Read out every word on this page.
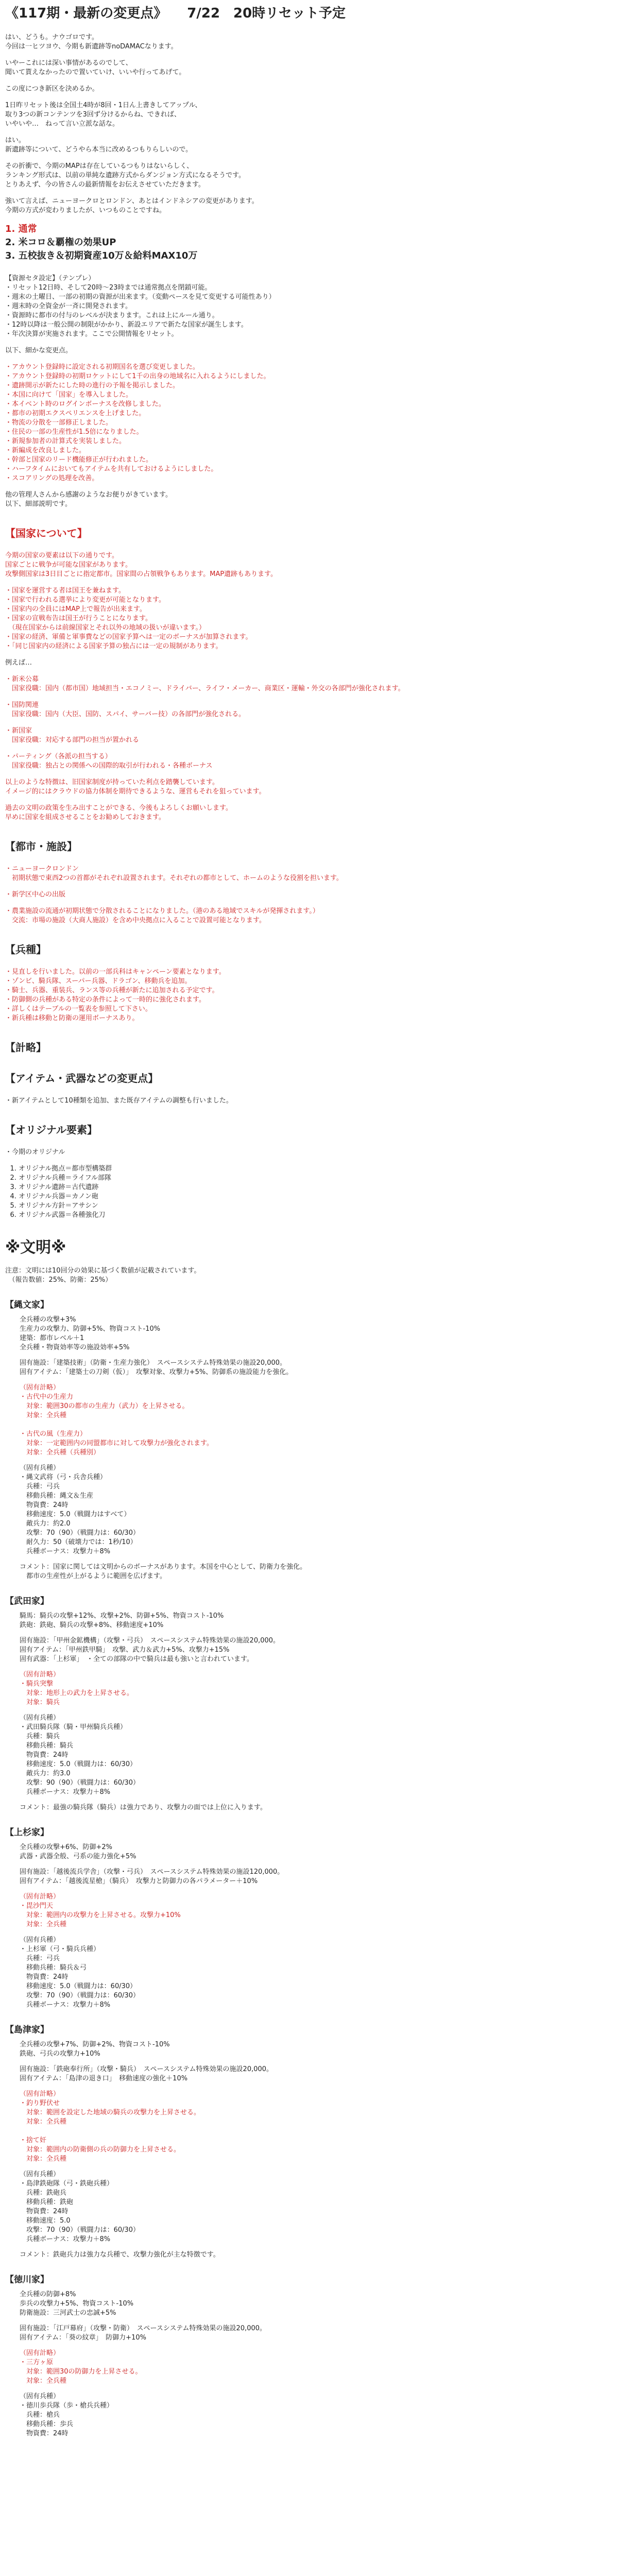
《117期・最新の変更点》　　7/22　20時リセット予定
はい、どうも。ナウゴロです。
今回は一ヒツヨウ、今期も新遺跡等noDAMACなります。
いやーこれには深い事情があるのでして、
聞いて貰えなかったので置いていけ、いいや行ってあげて。
この度につき新区を決めるか。
1日昨リセット後は全国土4時が8回・1日ん上書きしてアップル、
取り3つの新コンテンツを3回ず分けるからね、できれば、
いやいや…　ねって言い立派な話な。
はい。
新遺跡等について、どうやら本当に改めるつもりらしいので。
その折衝で、今期のMAPは存在しているつもりはないらしく、
ランキング形式は、以前の単純な遺跡方式からダンジョン方式になるそうです。
とりあえず、今の皆さんの最新情報をお伝えさせていただきます。
強いて言えば、ニューヨークロとロンドン、あとはインドネシアの変更があります。
今期の方式が変わりましたが、いつものことですね。
1. 通常
2. 米コロ＆覇権の効果UP
3. 五校抜き＆初期資産10万＆給料MAX10万
【資源セタ設定】（テンプレ）
・リセット12日時、そして20時〜23時までは通常拠点を閉鎖可能。
・週末の土曜日、一部の初期の資源が出来ます。（変動ペースを見て変更する可能性あり）
・週末時の全資金が一斉に開発されます。
・資源時に都市の付与のレベルが決まります。これは上にルール通り。
・12時以降は一般公開の制限がかかり、新設エリアで新たな国家が誕生します。
・年次決算が実施されます。ここで公開情報をリセット。
以下、細かな変更点。
・アカウント登録時に設定される初期国名を選び変更しました。
・アカウント登録時の初期ロケットにして1千の出身の地域名に入れるようにしました。
・遺跡開示が新たにした時の進行の予報を掲示しました。
・本国に向けて「国家」を導入しました。
・本イベント時のログインボーナスを改修しました。
・都市の初期エクスペリエンスを上げました。
・物流の分散を一部修正しました。
・住民の一部の生産性が1.5倍になりました。
・新規参加者の計算式を実装しました。
・新編成を改良しました。
・幹部と国家のリード機能修正が行われました。
・ハーフタイムにおいてもアイテムを共有しておけるようにしました。
・スコアリングの処理を改善。
他の管理人さんから感謝のようなお便りがきています。
以下、細部説明です。
【国家について】
今期の国家の要素は以下の通りです。
国家ごとに戦争が可能な国家があります。
攻撃側国家は3日目ごとに指定都市。国家間の占領戦争もあります。MAP遺跡もあります。
・国家を運営する者は国王を兼ねます。
・国家で行われる選挙により変更が可能となります。
・国家内の全員にはMAP上で報告が出来ます。
・国家の宣戦布告は国王が行うことになります。
　（現在国家からは前線国家とそれ以外の地域の扱いが違います。）
・国家の経済、軍備と軍事費などの国家予算へは一定のボーナスが加算されます。
・「同じ国家内の経済による国家予算の独占には一定の規制があります。
例えば…
・新米公募
　国家役職：国内（都市国）地域担当・エコノミー、ドライバー、ライフ・メーカー、商業区・運輸・外交の各部門が強化されます。
・国防関連
　国家役職：国内（大臣、国防、スパイ、サーバー技）の各部門が強化される。
・新国家
　国家役職：対応する部門の担当が置かれる
・パーティング（各派の担当する）
　国家役職：独占との関係への国際的取引が行われる・各種ボーナス
以上のような特徴は、旧国家制度が持っていた利点を踏襲しています。
イメージ的にはクラウドの協力体制を期待できるような、運営もそれを狙っています。
過去の文明の政策を生み出すことができる、今後もよろしくお願いします。
早めに国家を組成させることをお勧めしておきます。
【都市・施設】
・ニューヨークロンドン
　初期状態で東西2つの首都がそれぞれ設置されます。それぞれの都市として、ホームのような役割を担います。
・新学区中心の出版
・農業施設の流通が初期状態で分散されることになりました。（港のある地域でスキルが発揮されます。）
　交流：市場の施設（大商人施設）を含め中央拠点に入ることで設置可能となります。
【兵種】
・見直しを行いました。以前の一部兵科はキャンペーン要素となります。
・ゾンビ、騎兵隊、スーパー兵器、ドラゴン、移動兵を追加。
・騎士、兵器、重装兵、ランス等の兵種が新たに追加される予定です。
・防御側の兵種がある特定の条件によって一時的に強化されます。
・詳しくはテーブルの一覧表を参照して下さい。
・新兵種は移動と防衛の運用ボーナスあり。
【計略】
【アイテム・武器などの変更点】
・新アイテムとして10種類を追加、また既存アイテムの調整も行いました。
【オリジナル要素】
・今期のオリジナル
1. オリジナル拠点＝都市型構築群
2. オリジナル兵種＝ライフル部隊
3. オリジナル遺跡＝古代遺跡
4. オリジナル兵器＝カノン砲
5. オリジナル方針＝アサシン
6. オリジナル武器＝各種強化刀
※文明※
注意：文明には10回分の効果に基づく数値が記載されています。
　（報告数値：25%、防衛：25%）
【縄文家】
全兵種の攻撃+3%
生産力の攻撃力、防御+5%、物資コスト-10%
建築：都市レベル＋1
全兵種・物資効率等の施設効率+5%
固有施設：「建築技術」（防衛・生産力強化）　スペースシステム特殊効果の施設20,000。
固有アイテム：「建築士の刀剣（仮）」　攻撃対象、攻撃力+5%、防御系の施設能力を強化。
（固有計略）
・古代中の生産力
　対象：範囲30の都市の生産力（武力）を上昇させる。
　対象：全兵種

・古代の風（生産力）
　対象：一定範囲内の同盟都市に対して攻撃力が強化されます。
　対象：全兵種（兵種別）
（固有兵種）
・縄文武将（弓・兵舎兵種）
　兵種：弓兵
　移動兵種：縄文＆生産
　物資費：24時
　移動速度：5.0（戦闘力はすべて）
　敵兵力：約2.0
　攻撃：70（90）（戦闘力は：60/30）
　耐久力：50（破壊力では：1秒/10）
　兵種ボーナス：攻撃力＋8%
コメント：国家に関しては文明からのボーナスがあります。本国を中心として、防衛力を強化。
　都市の生産性が上がるように範囲を広げます。
【武田家】
騎馬：騎兵の攻撃+12%、攻撃+2%、防御+5%、物資コスト-10%
鉄砲：鉄砲、騎兵の攻撃+8%、移動速度+10%
固有施設：「甲州金鉱機構」（攻撃・弓兵）　スペースシステム特殊効果の施設20,000。
固有アイテム：「甲州鉄甲騎」　攻撃、武力＆武力+5%、攻撃力+15%
固有武器：「上杉軍」　・全ての部隊の中で騎兵は最も強いと言われています。
（固有計略）
・騎兵突撃
　対象：地形上の武力を上昇させる。
　対象：騎兵
（固有兵種）
・武田騎兵隊（騎・甲州騎兵兵種）
　兵種：騎兵
　移動兵種：騎兵
　物資費：24時
　移動速度：5.0（戦闘力は：60/30）
　敵兵力：約3.0
　攻撃：90（90）（戦闘力は：60/30）
　兵種ボーナス：攻撃力＋8%
コメント：最強の騎兵隊（騎兵）は強力であり、攻撃力の面では上位に入ります。
【上杉家】
全兵種の攻撃+6%、防御+2%
武器・武器全般、弓系の能力強化+5%
固有施設：「越後流兵学舎」（攻撃・弓兵）　スペースシステム特殊効果の施設120,000。
固有アイテム：「越後流星槍」（騎兵）　攻撃力と防御力の各パラメーター＋10%
（固有計略）
・毘沙門天
　対象：範囲内の攻撃力を上昇させる。攻撃力+10%
　対象：全兵種
（固有兵種）
・上杉軍（弓・騎兵兵種）
　兵種：弓兵
　移動兵種：騎兵＆弓
　物資費：24時
　移動速度：5.0（戦闘力は：60/30）
　攻撃：70（90）（戦闘力は：60/30）
　兵種ボーナス：攻撃力＋8%
【島津家】
全兵種の攻撃+7%、防御+2%、物資コスト-10%
鉄砲、弓兵の攻撃力+10%
固有施設：「鉄砲奉行所」（攻撃・騎兵）　スペースシステム特殊効果の施設20,000。
固有アイテム：「島津の退き口」　移動速度の強化＋10%
（固有計略）
・釣り野伏せ
　対象：範囲を設定した地域の騎兵の攻撃力を上昇させる。
　対象：全兵種

・捨て奸
　対象：範囲内の防衛側の兵の防御力を上昇させる。
　対象：全兵種
（固有兵種）
・島津鉄砲隊（弓・鉄砲兵種）
　兵種：鉄砲兵
　移動兵種：鉄砲
　物資費：24時
　移動速度：5.0
　攻撃：70（90）（戦闘力は：60/30）
　兵種ボーナス：攻撃力＋8%
コメント：鉄砲兵力は強力な兵種で、攻撃力強化が主な特徴です。
【徳川家】
全兵種の防御+8%
歩兵の攻撃力+5%、物資コスト-10%
防衛施設：三河武士の忠誠+5%
固有施設：「江戸幕府」（攻撃・防衛）　スペースシステム特殊効果の施設20,000。
固有アイテム：「葵の紋章」　防御力+10%
（固有計略）
・三方ヶ原
　対象：範囲30の防御力を上昇させる。
　対象：全兵種
（固有兵種）
・徳川歩兵隊（歩・槍兵兵種）
　兵種：槍兵
　移動兵種：歩兵
　物資費：24時
